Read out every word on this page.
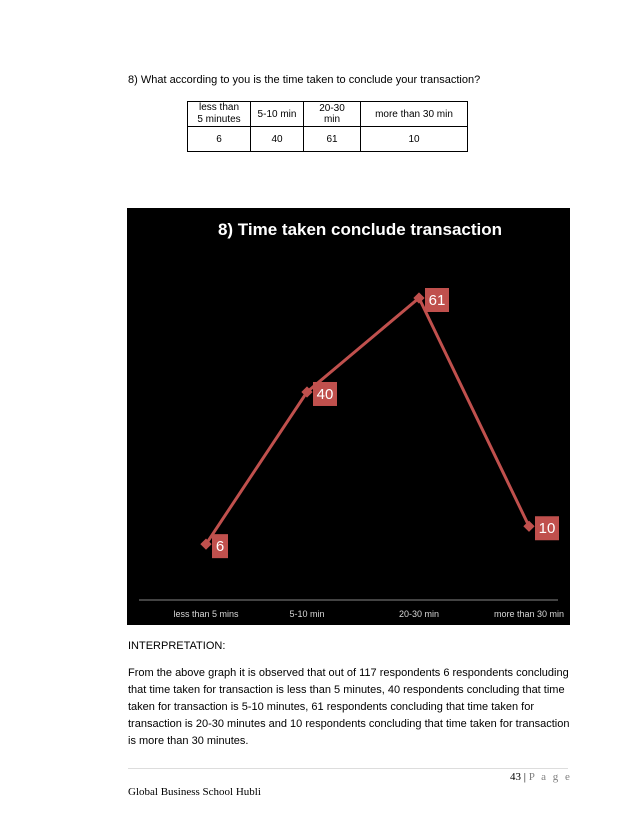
8) What according to you is the time taken to conclude your transaction?
less than
5 minutes	5-10 min	20-30 min	more than 30 min
6	40	61	10
8) Time taken conclude transaction
6
40
61
10
less than 5 mins	5-10 min	20-30 min	more than 30 min
INTERPRETATION:
From the above graph it is observed that out of 117 respondents 6 respondents concluding that time taken for transaction is less than 5 minutes, 40 respondents concluding that time taken for transaction is 5-10 minutes, 61 respondents concluding that time taken for transaction is 20-30 minutes and 10 respondents concluding that time taken for transaction is more than 30 minutes.
43 | P a g e
Global Business School Hubli
